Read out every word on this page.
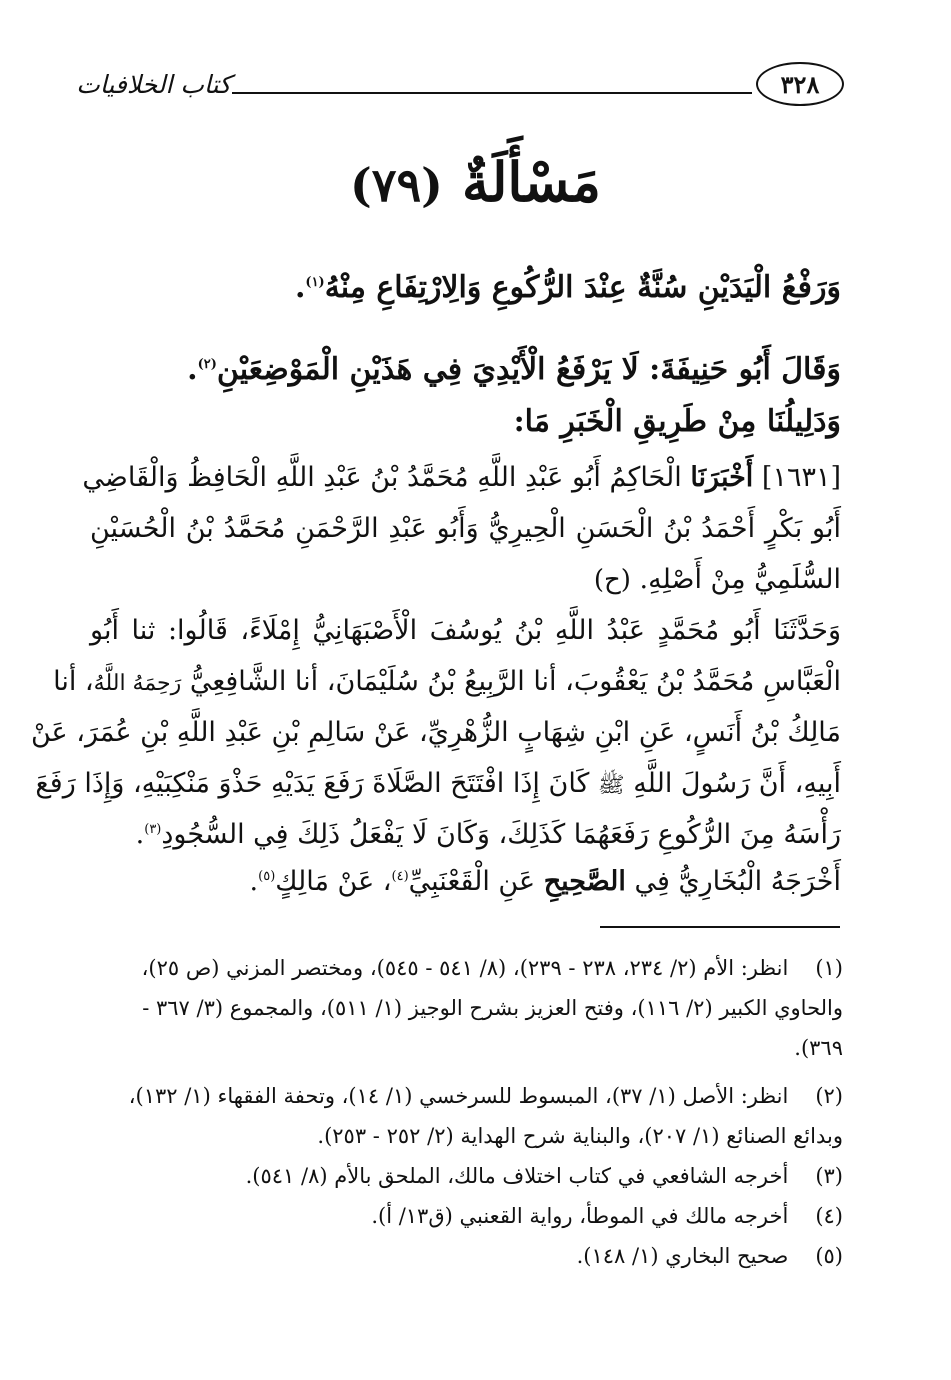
٣٢٨
كتاب الخلافيات
مَسْأَلَةٌ (٧٩)
وَرَفْعُ الْيَدَيْنِ سُنَّةٌ عِنْدَ الرُّكُوعِ وَالِارْتِفَاعِ مِنْهُ$^{(١)}$.
وَقَالَ أَبُو حَنِيفَةَ: لَا يَرْفَعُ الْأَيْدِيَ فِي هَذَيْنِ الْمَوْضِعَيْنِ$^{(٢)}$.
وَدَلِيلُنَا مِنْ طَرِيقِ الْخَبَرِ مَا:
[١٦٣١] أَخْبَرَنَا الْحَاكِمُ أَبُو عَبْدِ اللَّهِ مُحَمَّدُ بْنُ عَبْدِ اللَّهِ الْحَافِظُ وَالْقَاضِي
أَبُو بَكْرٍ أَحْمَدُ بْنُ الْحَسَنِ الْحِيرِيُّ وَأَبُو عَبْدِ الرَّحْمَنِ مُحَمَّدُ بْنُ الْحُسَيْنِ
السُّلَمِيُّ مِنْ أَصْلِهِ. (ح)
وَحَدَّثَنَا أَبُو مُحَمَّدٍ عَبْدُ اللَّهِ بْنُ يُوسُفَ الْأَصْبَهَانِيُّ إِمْلَاءً، قَالُوا: ثنا أَبُو
الْعَبَّاسِ مُحَمَّدُ بْنُ يَعْقُوبَ، أنا الرَّبِيعُ بْنُ سُلَيْمَانَ، أنا الشَّافِعِيُّ رَحِمَهُ اللَّهُ، أنا
مَالِكُ بْنُ أَنَسٍ، عَنِ ابْنِ شِهَابٍ الزُّهْرِيِّ، عَنْ سَالِمِ بْنِ عَبْدِ اللَّهِ بْنِ عُمَرَ، عَنْ
أَبِيهِ، أَنَّ رَسُولَ اللَّهِ ﷺ كَانَ إِذَا افْتَتَحَ الصَّلَاةَ رَفَعَ يَدَيْهِ حَذْوَ مَنْكِبَيْهِ، وَإِذَا رَفَعَ
رَأْسَهُ مِنَ الرُّكُوعِ رَفَعَهُمَا كَذَلِكَ، وَكَانَ لَا يَفْعَلُ ذَلِكَ فِي السُّجُودِ$^{(٣)}$.
أَخْرَجَهُ الْبُخَارِيُّ فِي الصَّحِيحِ عَنِ الْقَعْنَبِيِّ$^{(٤)}$، عَنْ مَالِكٍ$^{(٥)}$.
(١) انظر: الأم (٢/ ٢٣٤، ٢٣٨ - ٢٣٩)، (٨/ ٥٤١ - ٥٤٥)، ومختصر المزني (ص ٢٥)، والحاوي الكبير (٢/ ١١٦)، وفتح العزيز بشرح الوجيز (١/ ٥١١)، والمجموع (٣/ ٣٦٧ - ٣٦٩).
(٢) انظر: الأصل (١/ ٣٧)، المبسوط للسرخسي (١/ ١٤)، وتحفة الفقهاء (١/ ١٣٢)، وبدائع الصنائع (١/ ٢٠٧)، والبناية شرح الهداية (٢/ ٢٥٢ - ٢٥٣).
(٣) أخرجه الشافعي في كتاب اختلاف مالك، الملحق بالأم (٨/ ٥٤١).
(٤) أخرجه مالك في الموطأ، رواية القعنبي (ق١٣/ أ).
(٥) صحيح البخاري (١/ ١٤٨).
